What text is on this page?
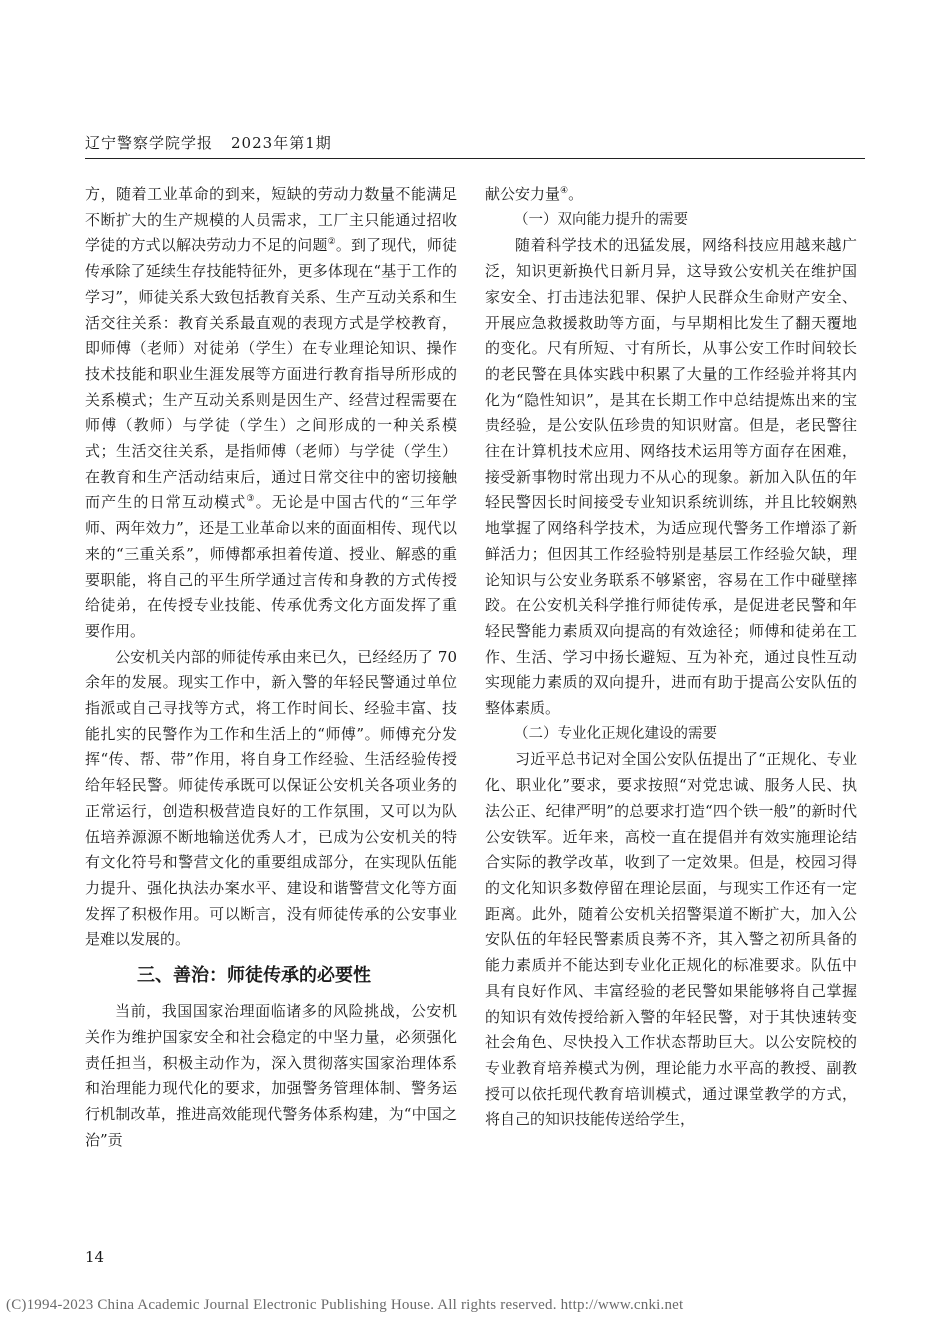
辽宁警察学院学报 2023年第1期

方，随着工业革命的到来，短缺的劳动力数量不能满足不断扩大的生产规模的人员需求，工厂主只能通过招收学徒的方式以解决劳动力不足的问题②。到了现代，师徒传承除了延续生存技能特征外，更多体现在“基于工作的学习”，师徒关系大致包括教育关系、生产互动关系和生活交往关系：教育关系最直观的表现方式是学校教育，即师傅（老师）对徒弟（学生）在专业理论知识、操作技术技能和职业生涯发展等方面进行教育指导所形成的关系模式；生产互动关系则是因生产、经营过程需要在师傅（教师）与学徒（学生）之间形成的一种关系模式；生活交往关系，是指师傅（老师）与学徒（学生）在教育和生产活动结束后，通过日常交往中的密切接触而产生的日常互动模式③。无论是中国古代的“三年学师、两年效力”，还是工业革命以来的面面相传、现代以来的“三重关系”，师傅都承担着传道、授业、解惑的重要职能，将自己的平生所学通过言传和身教的方式传授给徒弟，在传授专业技能、传承优秀文化方面发挥了重要作用。

公安机关内部的师徒传承由来已久，已经经历了 70 余年的发展。现实工作中，新入警的年轻民警通过单位指派或自己寻找等方式，将工作时间长、经验丰富、技能扎实的民警作为工作和生活上的“师傅”。师傅充分发挥“传、帮、带”作用，将自身工作经验、生活经验传授给年轻民警。师徒传承既可以保证公安机关各项业务的正常运行，创造积极营造良好的工作氛围，又可以为队伍培养源源不断地输送优秀人才，已成为公安机关的特有文化符号和警营文化的重要组成部分，在实现队伍能力提升、强化执法办案水平、建设和谐警营文化等方面发挥了积极作用。可以断言，没有师徒传承的公安事业是难以发展的。

三、善治：师徒传承的必要性

当前，我国国家治理面临诸多的风险挑战，公安机关作为维护国家安全和社会稳定的中坚力量，必须强化责任担当，积极主动作为，深入贯彻落实国家治理体系和治理能力现代化的要求，加强警务管理体制、警务运行机制改革，推进高效能现代警务体系构建，为“中国之治”贡

献公安力量④。

（一）双向能力提升的需要

随着科学技术的迅猛发展，网络科技应用越来越广泛，知识更新换代日新月异，这导致公安机关在维护国家安全、打击违法犯罪、保护人民群众生命财产安全、开展应急救援救助等方面，与早期相比发生了翻天覆地的变化。尺有所短、寸有所长，从事公安工作时间较长的老民警在具体实践中积累了大量的工作经验并将其内化为“隐性知识”，是其在长期工作中总结提炼出来的宝贵经验，是公安队伍珍贵的知识财富。但是，老民警往往在计算机技术应用、网络技术运用等方面存在困难，接受新事物时常出现力不从心的现象。新加入队伍的年轻民警因长时间接受专业知识系统训练，并且比较娴熟地掌握了网络科学技术，为适应现代警务工作增添了新鲜活力；但因其工作经验特别是基层工作经验欠缺，理论知识与公安业务联系不够紧密，容易在工作中碰壁摔跤。在公安机关科学推行师徒传承，是促进老民警和年轻民警能力素质双向提高的有效途径；师傅和徒弟在工作、生活、学习中扬长避短、互为补充，通过良性互动实现能力素质的双向提升，进而有助于提高公安队伍的整体素质。

（二）专业化正规化建设的需要

习近平总书记对全国公安队伍提出了“正规化、专业化、职业化”要求，要求按照“对党忠诚、服务人民、执法公正、纪律严明”的总要求打造“四个铁一般”的新时代公安铁军。近年来，高校一直在提倡并有效实施理论结合实际的教学改革，收到了一定效果。但是，校园习得的文化知识多数停留在理论层面，与现实工作还有一定距离。此外，随着公安机关招警渠道不断扩大，加入公安队伍的年轻民警素质良莠不齐，其入警之初所具备的能力素质并不能达到专业化正规化的标准要求。队伍中具有良好作风、丰富经验的老民警如果能够将自己掌握的知识有效传授给新入警的年轻民警，对于其快速转变社会角色、尽快投入工作状态帮助巨大。以公安院校的专业教育培养模式为例，理论能力水平高的教授、副教授可以依托现代教育培训模式，通过课堂教学的方式，将自己的知识技能传送给学生，

14
(C)1994-2023 China Academic Journal Electronic Publishing House. All rights reserved. http://www.cnki.net
